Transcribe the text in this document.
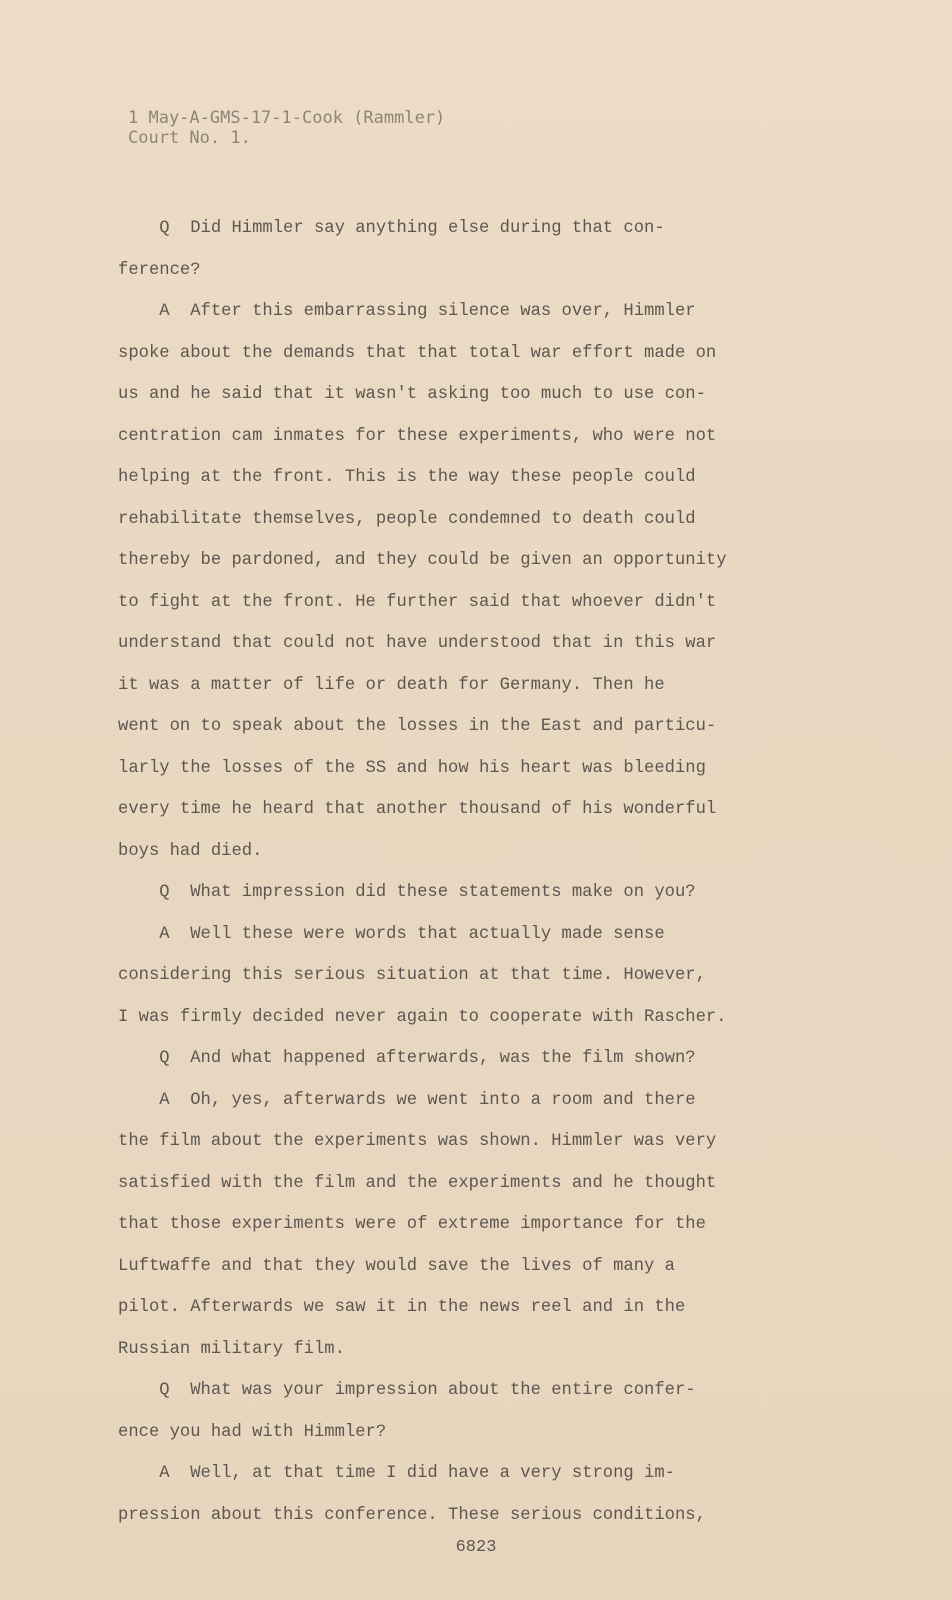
1 May-A-GMS-17-1-Cook (Rammler)
Court No. 1.
Q  Did Himmler say anything else during that con-
ference?
A  After this embarrassing silence was over, Himmler
spoke about the demands that that total war effort made on
us and he said that it wasn't asking too much to use con-
centration cam inmates for these experiments, who were not
helping at the front. This is the way these people could
rehabilitate themselves, people condemned to death could
thereby be pardoned, and they could be given an opportunity
to fight at the front. He further said that whoever didn't
understand that could not have understood that in this war
it was a matter of life or death for Germany. Then he
went on to speak about the losses in the East and particu-
larly the losses of the SS and how his heart was bleeding
every time he heard that another thousand of his wonderful
boys had died.
Q  What impression did these statements make on you?
A  Well these were words that actually made sense
considering this serious situation at that time. However,
I was firmly decided never again to cooperate with Rascher.
Q  And what happened afterwards, was the film shown?
A  Oh, yes, afterwards we went into a room and there
the film about the experiments was shown. Himmler was very
satisfied with the film and the experiments and he thought
that those experiments were of extreme importance for the
Luftwaffe and that they would save the lives of many a
pilot. Afterwards we saw it in the news reel and in the
Russian military film.
Q  What was your impression about the entire confer-
ence you had with Himmler?
A  Well, at that time I did have a very strong im-
pression about this conference. These serious conditions,
6823
